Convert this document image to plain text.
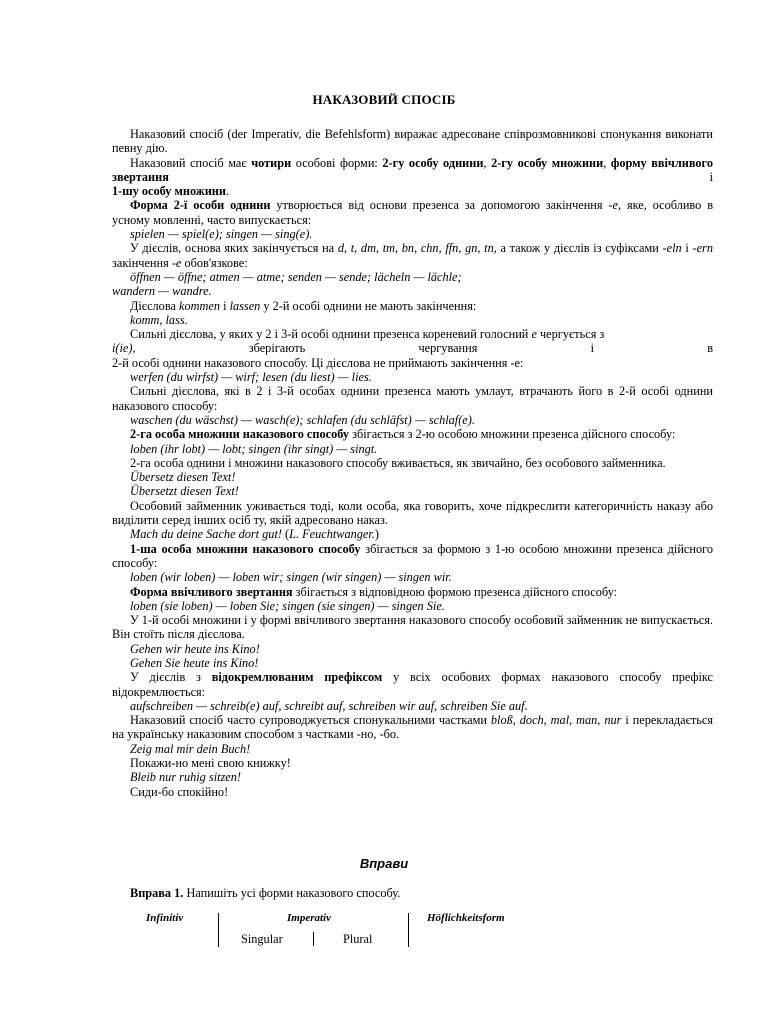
НАКАЗОВИЙ СПОСІБ

Наказовий спосіб (der Imperativ, die Befehlsform) виражає адресоване співрозмовникові спонукання виконати певну дію.

Наказовий спосіб має чотири особові форми: 2-гу особу однини, 2-гу особу множини, форму ввічливого звертання і

1-шу особу множини.

Форма 2-ї особи однини утворюється від основи презенса за допомогою закінчення -е, яке, особливо в усному мовленні, часто випускається:

spielen — spiel(e); singen — sing(e).

У дієслів, основа яких закінчується на d, t, dm, tm, bn, chn, ffn, gn, tn, а також у дієслів із суфіксами -eln і -ern закінчення -е обов'язкове:

öffnen — öffne; atmen — atme; senden — sende; lächeln — lächle;

wandern — wandre.

Дієслова kommen і lassen у 2-й особі однини не мають закінчення:

komm, lass.

Сильні дієслова, у яких у 2 і 3-й особі однини презенса кореневий голосний е чергується з

i(ie), зберігають чергування і в

2-й особі однини наказового способу. Ці дієслова не приймають закінчення -е:

werfen (du wirfst) — wirf; lesen (du liest) — lies.

Сильні дієслова, які в 2 і 3-й особах однини презенса мають умлаут, втрачають його в 2-й особі однини наказового способу:

waschen (du wäschst) — wasch(e); schlafen (du schläfst) — schlaf(e).

2-га особа множини наказового способу збігається з 2-ю особою множини презенса дійсного способу:

loben (ihr lobt) — lobt; singen (ihr singt) — singt.

2-га особа однини і множини наказового способу вживається, як звичайно, без особового займенника.

Übersetz diesen Text!

Übersetzt diesen Text!

Особовий займенник уживається тоді, коли особа, яка говорить, хоче підкреслити категоричність наказу або виділити серед інших осіб ту, якій адресовано наказ.

Mach du deine Sache dort gut! (L. Feuchtwanger.)

1-ша особа множини наказового способу збігається за формою з 1-ю особою множини презенса дійсного способу:

loben (wir loben) — loben wir; singen (wir singen) — singen wir.

Форма ввічливого звертання збігається з відповідною формою презенса дійсного способу:

loben (sie loben) — loben Sie; singen (sie singen) — singen Sie.

У 1-й особі множини і у формі ввічливого звертання наказового способу особовий займенник не випускається. Він стоїть після дієслова.

Gehen wir heute ins Kino!

Gehen Sie heute ins Kino!

У дієслів з відокремлюваним префіксом у всіх особових формах наказового способу префікс відокремлюється:

aufschreiben — schreib(e) auf, schreibt auf, schreiben wir auf, schreiben Sie auf.

Наказовий спосіб часто супроводжується спонукальними частками bloß, doch, mal, man, nur і перекладається на українську наказовим способом з частками -но, -бо.

Zeig mal mir dein Buch!

Покажи-но мені свою книжку!

Bleib nur ruhig sitzen!

Сиди-бо спокійно!

Вправи
Вправа 1. Напишіть усі форми наказового способу.
Infinitiv	Imperativ	Höflichkeitsform
Singular	Plural
